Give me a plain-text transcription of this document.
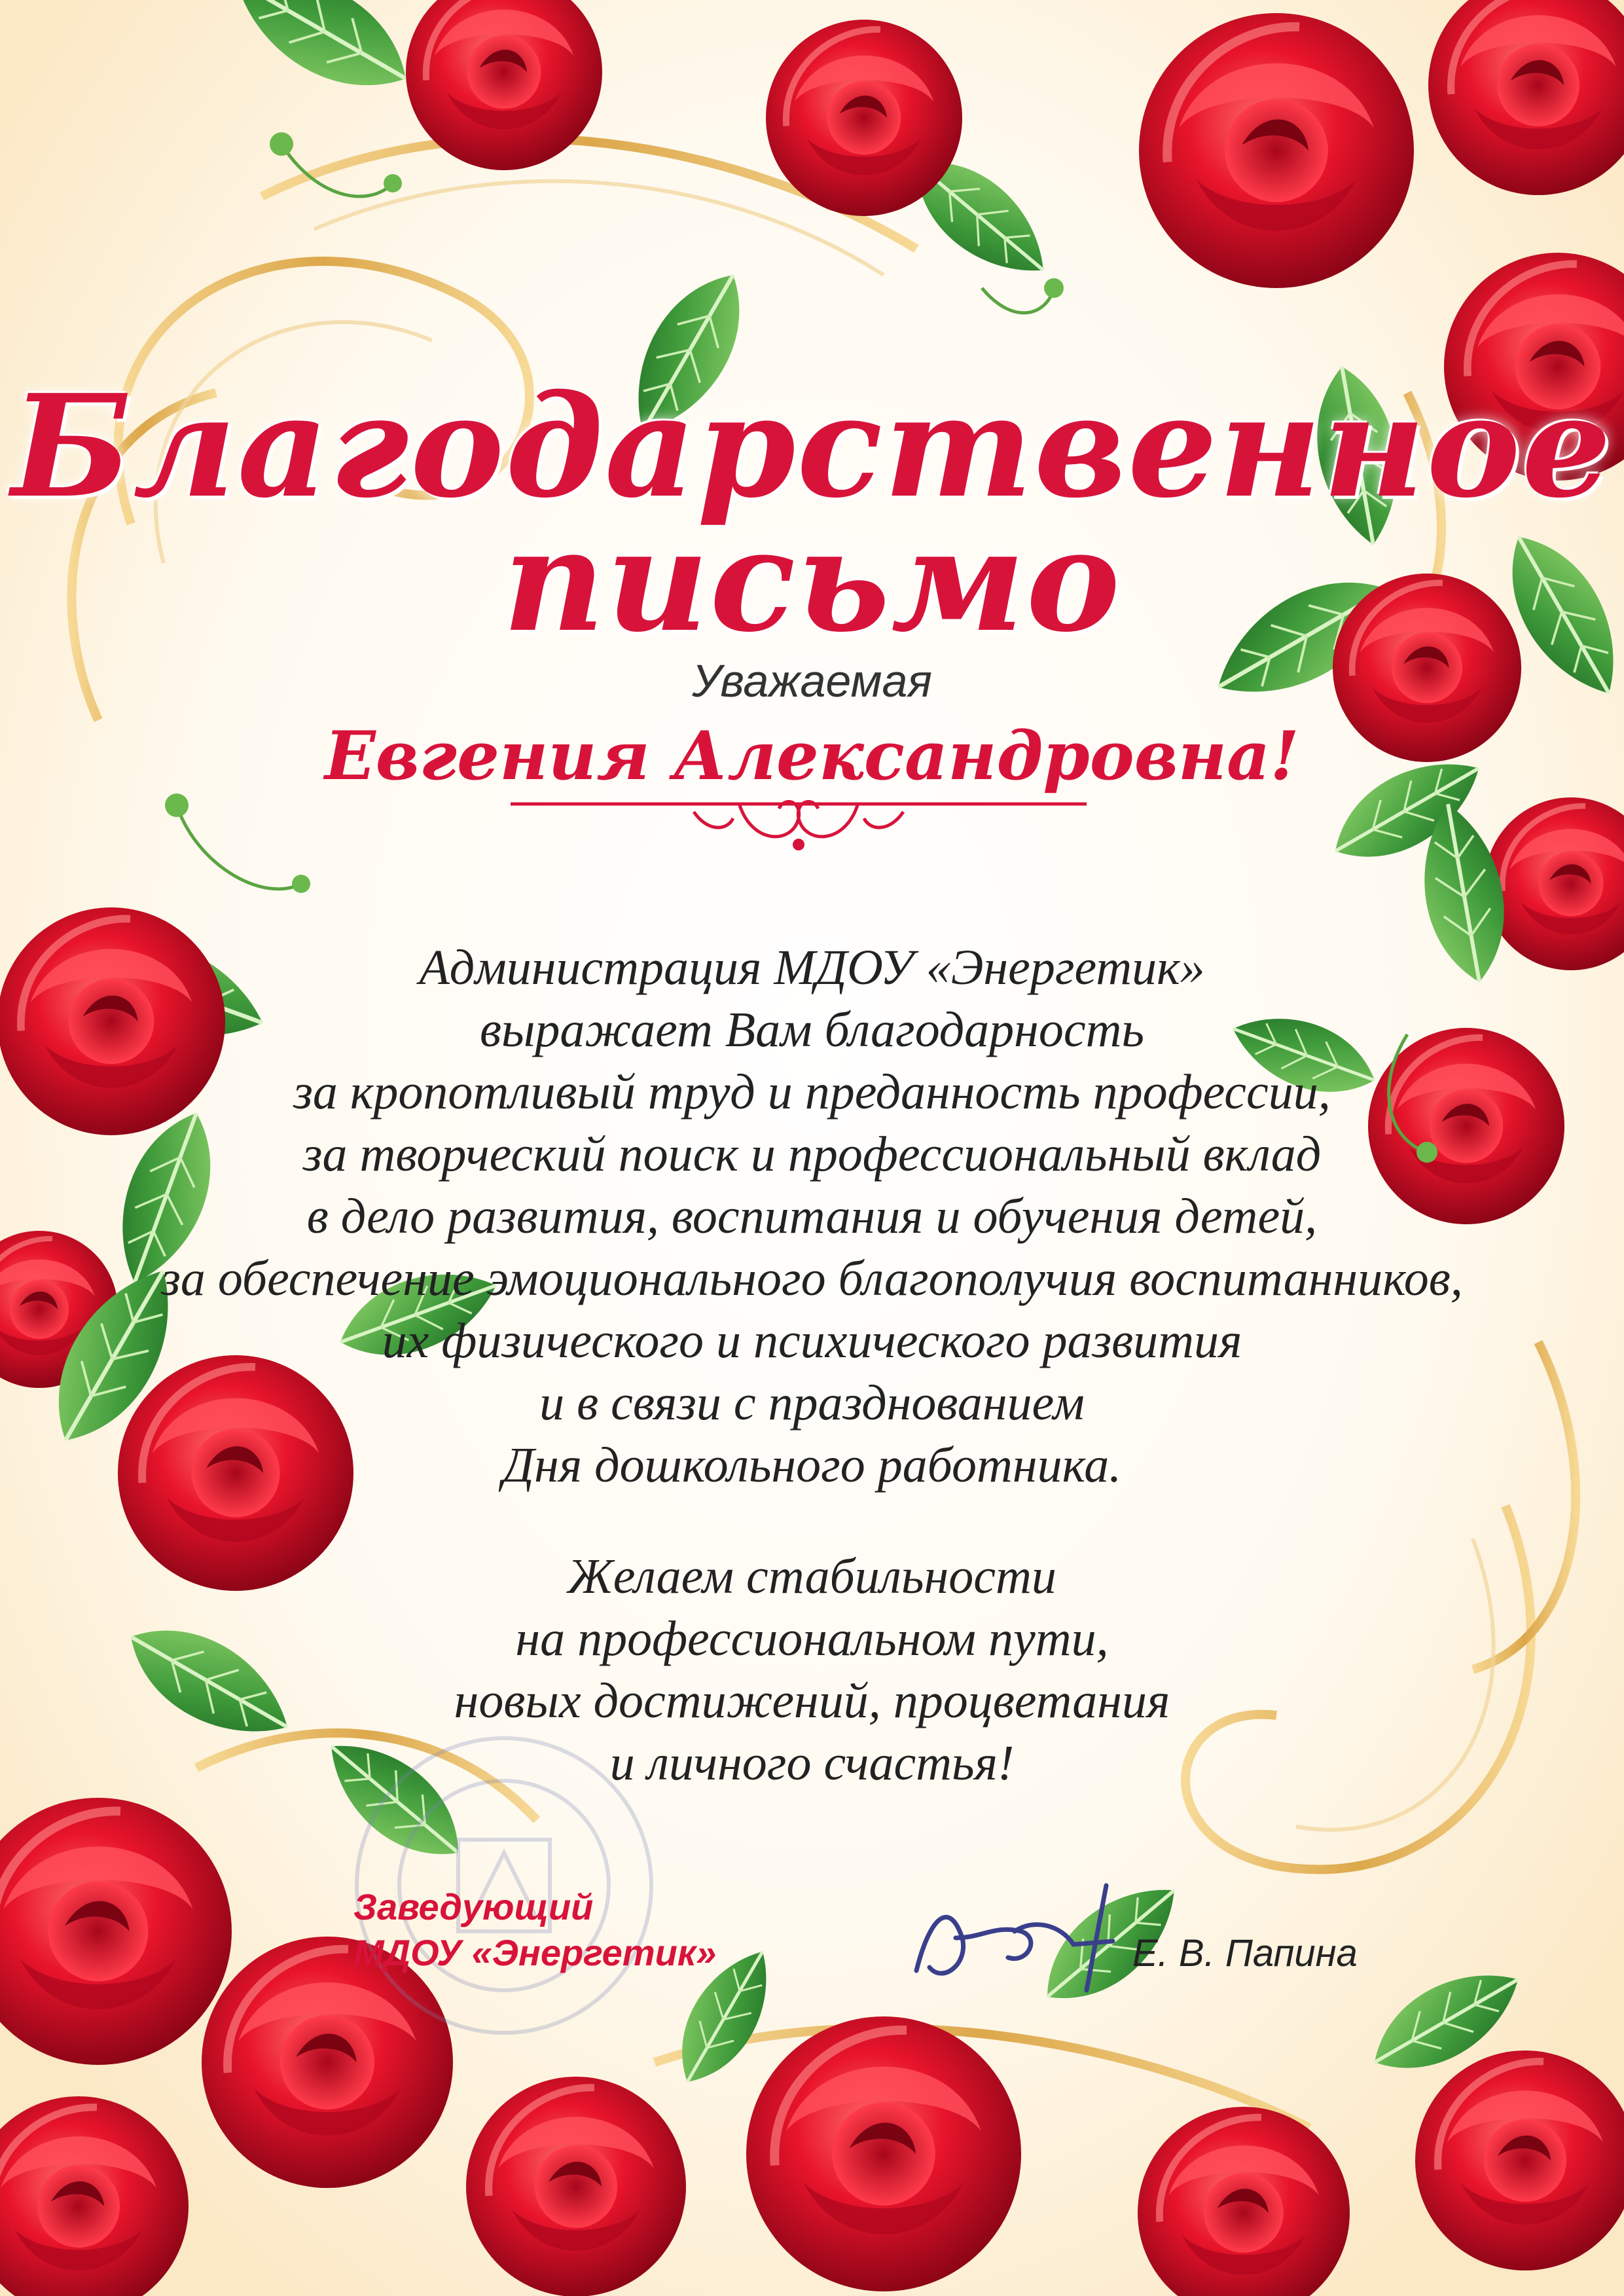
Благодарственное

письмо

Уважаемая

Евгения Александровна!

Администрация МДОУ «Энергетик»

выражает Вам благодарность

за кропотливый труд и преданность профессии,

за творческий поиск и профессиональный вклад

в дело развития, воспитания и обучения детей,

за обеспечение эмоционального благополучия воспитанников,

их физического и психического развития

и в связи с празднованием

Дня дошкольного работника.

Желаем стабильности

на профессиональном пути,

новых достижений, процветания

и личного счастья!

Заведующий

МДОУ «Энергетик»	Е. В. Папина
